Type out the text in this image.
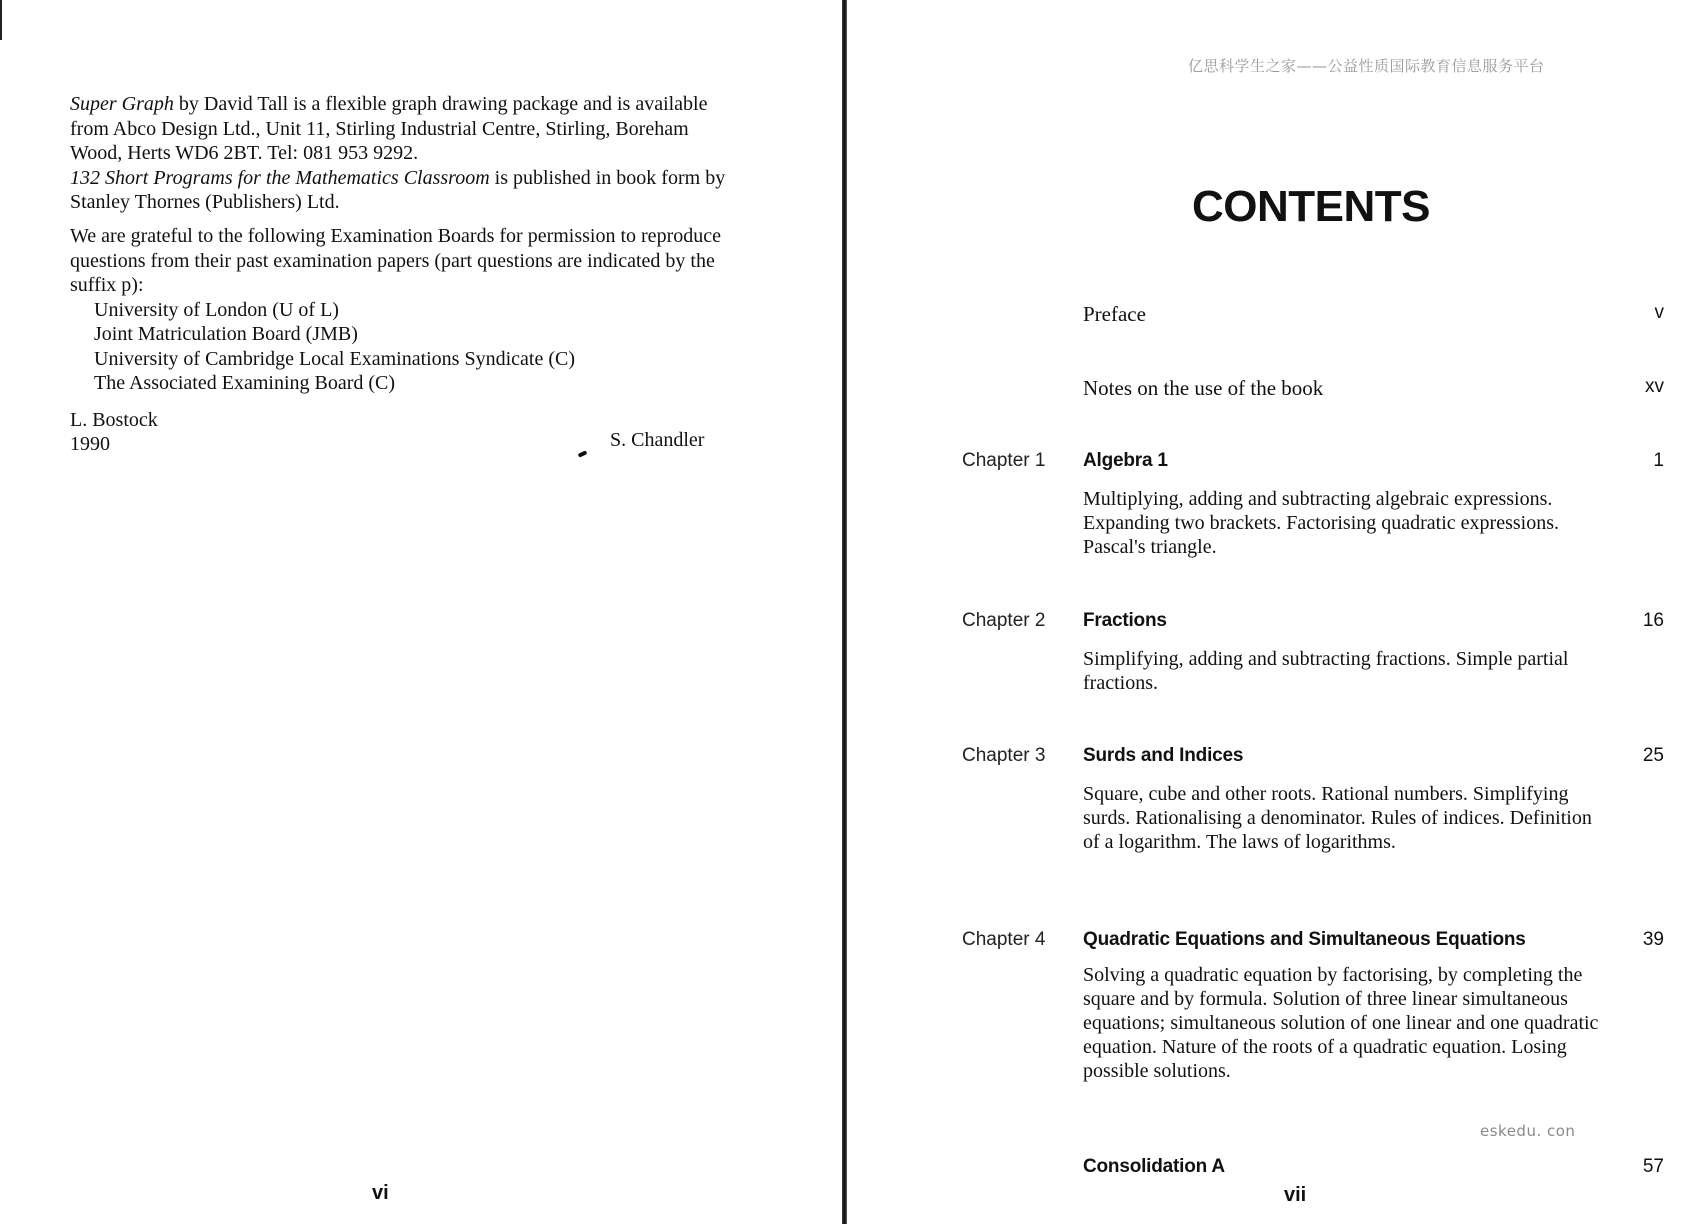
Super Graph by David Tall is a flexible graph drawing package and is available from Abco Design Ltd., Unit 11, Stirling Industrial Centre, Stirling, Boreham Wood, Herts WD6 2BT. Tel: 081 953 9292.

132 Short Programs for the Mathematics Classroom is published in book form by Stanley Thornes (Publishers) Ltd.

We are grateful to the following Examination Boards for permission to reproduce questions from their past examination papers (part questions are indicated by the suffix p):

University of London (U of L)
Joint Matriculation Board (JMB)
University of Cambridge Local Examinations Syndicate (C)
The Associated Examining Board (C)
L. Bostock
1990	S. Chandler
vi
亿思科学生之家——公益性质国际教育信息服务平台
CONTENTS
Preface	v
Notes on the use of the book	xv
Chapter 1 Algebra 1	1
Multiplying, adding and subtracting algebraic expressions. Expanding two brackets. Factorising quadratic expressions. Pascal's triangle.
Chapter 2 Fractions	16
Simplifying, adding and subtracting fractions. Simple partial fractions.
Chapter 3 Surds and Indices	25
Square, cube and other roots. Rational numbers. Simplifying surds. Rationalising a denominator. Rules of indices. Definition of a logarithm. The laws of logarithms.
Chapter 4 Quadratic Equations and Simultaneous Equations	39
Solving a quadratic equation by factorising, by completing the square and by formula. Solution of three linear simultaneous equations; simultaneous solution of one linear and one quadratic equation. Nature of the roots of a quadratic equation. Losing possible solutions.
eskedu. con
Consolidation A	57
vii
